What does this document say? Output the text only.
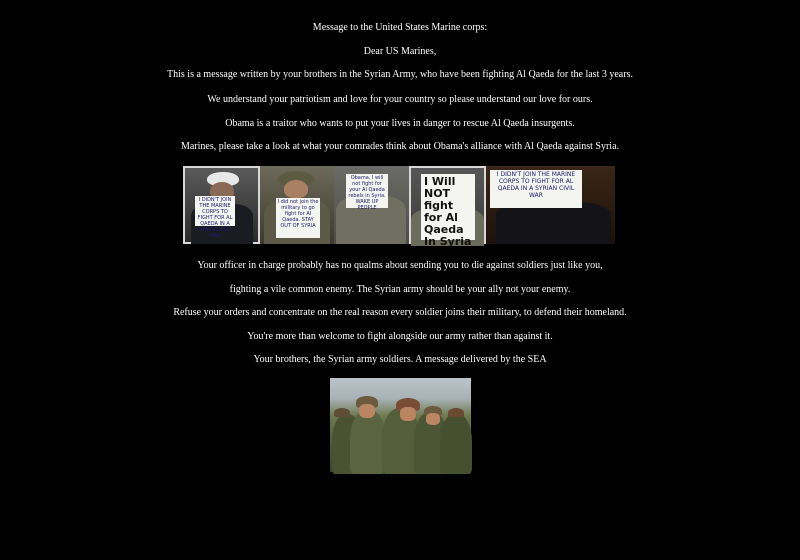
Message to the United States Marine corps:
Dear US Marines,
This is a message written by your brothers in the Syrian Army, who have been fighting Al Qaeda for the last 3 years.
We understand your patriotism and love for your country so please understand our love for ours.
Obama is a traitor who wants to put your lives in danger to rescue Al Qaeda insurgents.
Marines, please take a look at what your comrades think about Obama's alliance with Al Qaeda against Syria.
I DIDN'T JOIN THE MARINE CORPS TO FIGHT FOR AL QAEDA IN A SYRIAN CIVIL WAR
I did not join the military to go fight for Al Qaeda. STAY OUT OF SYRIA
Obama, I will not fight for your Al Qaeda rebels in Syria. WAKE UP PEOPLE
I Will NOT fight for Al Qaeda In Syria
I DIDN'T JOIN THE MARINE CORPS TO FIGHT FOR AL QAEDA IN A SYRIAN CIVIL WAR
Your officer in charge probably has no qualms about sending you to die against soldiers just like you,
fighting a vile common enemy. The Syrian army should be your ally not your enemy.
Refuse your orders and concentrate on the real reason every soldier joins their military, to defend their homeland.
You're more than welcome to fight alongside our army rather than against it.
Your brothers, the Syrian army soldiers. A message delivered by the SEA
